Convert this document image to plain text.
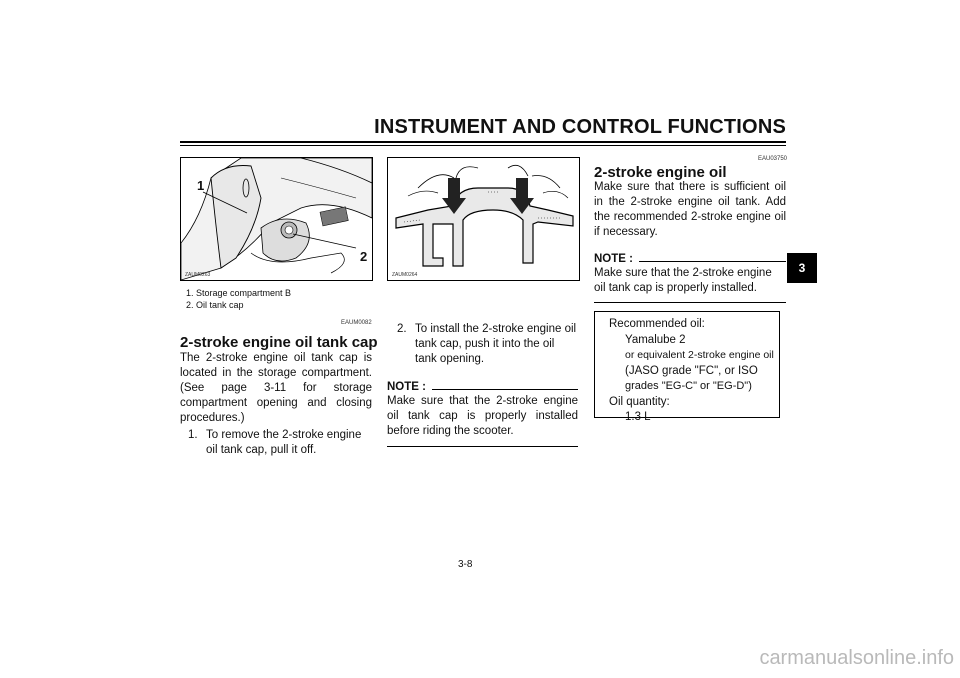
INSTRUMENT AND CONTROL FUNCTIONS
3
1
2
ZAUM0263	ZAUM0264
1. Storage compartment B
2. Oil tank cap
EAUM0082
2-stroke engine oil tank cap
The 2-stroke engine oil tank cap is located in the storage compartment. (See page 3-11 for storage compartment opening and closing procedures.)
1. To remove the 2-stroke engine oil tank cap, pull it off.
2. To install the 2-stroke engine oil tank cap, push it into the oil tank opening.
NOTE :
Make sure that the 2-stroke engine oil tank cap is properly installed before riding the scooter.
EAU03750
2-stroke engine oil
Make sure that there is sufficient oil in the 2-stroke engine oil tank. Add the recommended 2-stroke engine oil if necessary.
NOTE :
Make sure that the 2-stroke engine oil tank cap is properly installed.
Recommended oil:
Yamalube 2
or equivalent 2-stroke engine oil
(JASO grade "FC", or ISO
grades "EG-C" or "EG-D")
Oil quantity:
1.3 L
3-8
carmanualsonline.info
